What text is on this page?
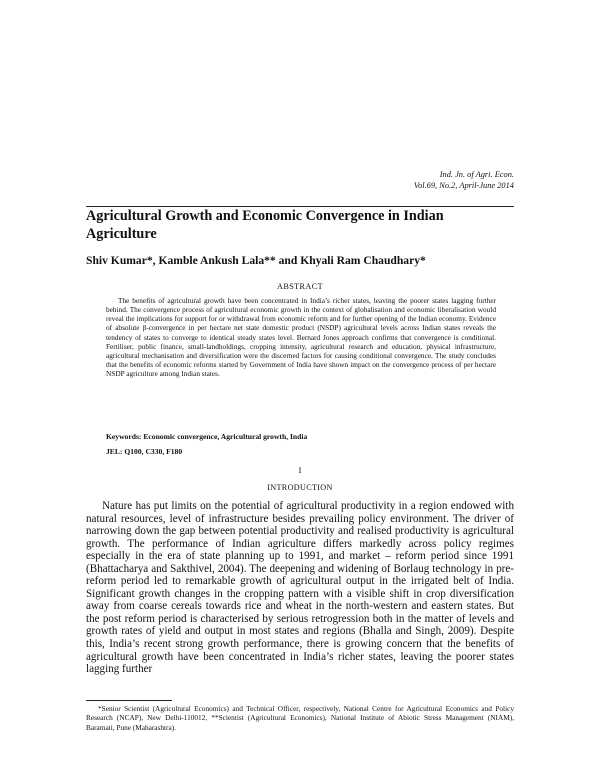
Ind. Jn. of Agri. Econ.
Vol.69, No.2, April-June 2014
Agricultural Growth and Economic Convergence in Indian Agriculture

Shiv Kumar*, Kamble Ankush Lala** and Khyali Ram Chaudhary*

ABSTRACT

The benefits of agricultural growth have been concentrated in India’s richer states, leaving the poorer states lagging further behind. The convergence process of agricultural economic growth in the context of globalisation and economic liberalisation would reveal the implications for support for or withdrawal from economic reform and for further opening of the Indian economy. Evidence of absolute β-convergence in per hectare net state domestic product (NSDP) agricultural levels across Indian states reveals the tendency of states to converge to identical steady states level. Bernard Jones approach confirms that convergence is conditional. Fertiliser, public finance, small-landholdings, cropping intensity, agricultural research and education, physical infrastructure, agricultural mechanisation and diversification were the discerned factors for causing conditional convergence. The study concludes that the benefits of economic reforms started by Government of India have shown impact on the convergence process of per hectare NSDP agriculture among Indian states.

Keywords: Economic convergence, Agricultural growth, India

JEL: Q100, C330, F180

I

INTRODUCTION

Nature has put limits on the potential of agricultural productivity in a region endowed with natural resources, level of infrastructure besides prevailing policy environment. The driver of narrowing down the gap between potential productivity and realised productivity is agricultural growth. The performance of Indian agriculture differs markedly across policy regimes especially in the era of state planning up to 1991, and market – reform period since 1991 (Bhattacharya and Sakthivel, 2004). The deepening and widening of Borlaug technology in pre-reform period led to remarkable growth of agricultural output in the irrigated belt of India. Significant growth changes in the cropping pattern with a visible shift in crop diversification away from coarse cereals towards rice and wheat in the north-western and eastern states. But the post reform period is characterised by serious retrogression both in the matter of levels and growth rates of yield and output in most states and regions (Bhalla and Singh, 2009). Despite this, India’s recent strong growth performance, there is growing concern that the benefits of agricultural growth have been concentrated in India’s richer states, leaving the poorer states lagging further

*Senior Scientist (Agricultural Economics) and Technical Officer, respectively, National Centre for Agricultural Economics and Policy Research (NCAP), New Delhi-110012, **Scientist (Agricultural Economics), National Institute of Abiotic Stress Management (NIAM), Baramati, Pune (Maharashtra).
